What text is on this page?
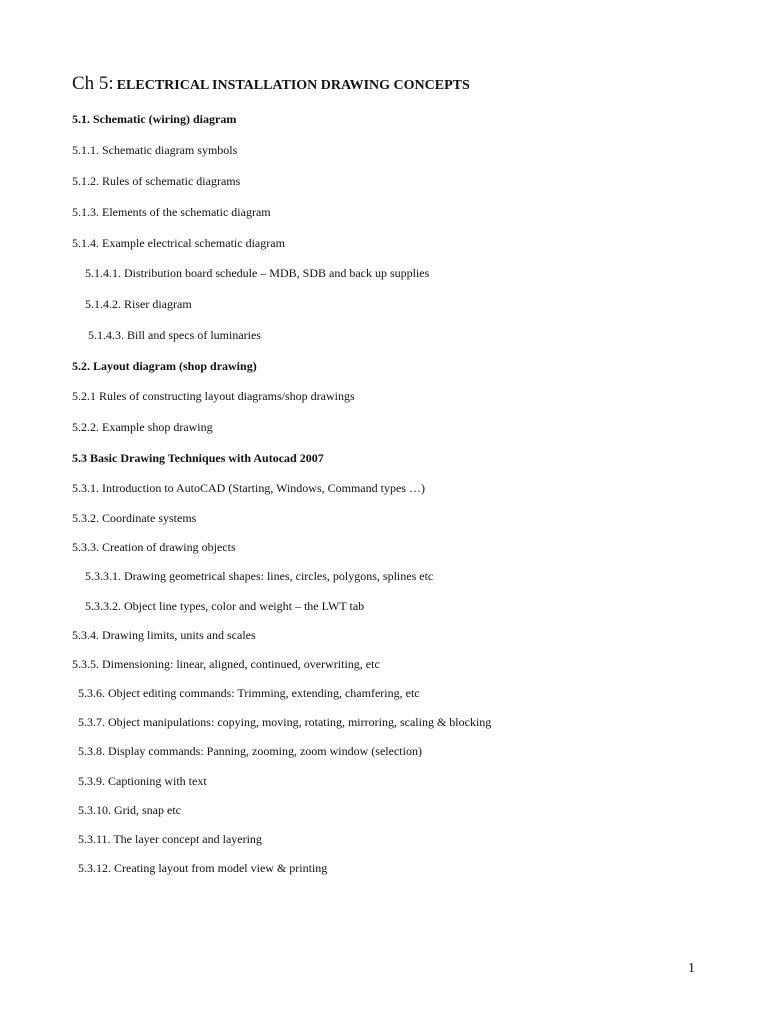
Ch 5: ELECTRICAL INSTALLATION DRAWING CONCEPTS
5.1. Schematic (wiring) diagram
5.1.1. Schematic diagram symbols
5.1.2. Rules of schematic diagrams
5.1.3. Elements of the schematic diagram
5.1.4. Example electrical schematic diagram
5.1.4.1. Distribution board schedule – MDB, SDB and back up supplies
5.1.4.2. Riser diagram
5.1.4.3. Bill and specs of luminaries
5.2. Layout diagram (shop drawing)
5.2.1 Rules of constructing layout diagrams/shop drawings
5.2.2. Example shop drawing
5.3 Basic Drawing Techniques with Autocad 2007
5.3.1. Introduction to AutoCAD (Starting, Windows, Command types …)
5.3.2. Coordinate systems
5.3.3. Creation of drawing objects
5.3.3.1. Drawing geometrical shapes: lines, circles, polygons, splines etc
5.3.3.2. Object line types, color and weight – the LWT tab
5.3.4. Drawing limits, units and scales
5.3.5. Dimensioning: linear, aligned, continued, overwriting, etc
5.3.6. Object editing commands: Trimming, extending, chamfering, etc
5.3.7. Object manipulations: copying, moving, rotating, mirroring, scaling & blocking
5.3.8. Display commands: Panning, zooming, zoom window (selection)
5.3.9. Captioning with text
5.3.10. Grid, snap etc
5.3.11. The layer concept and layering
5.3.12. Creating layout from model view & printing
1
